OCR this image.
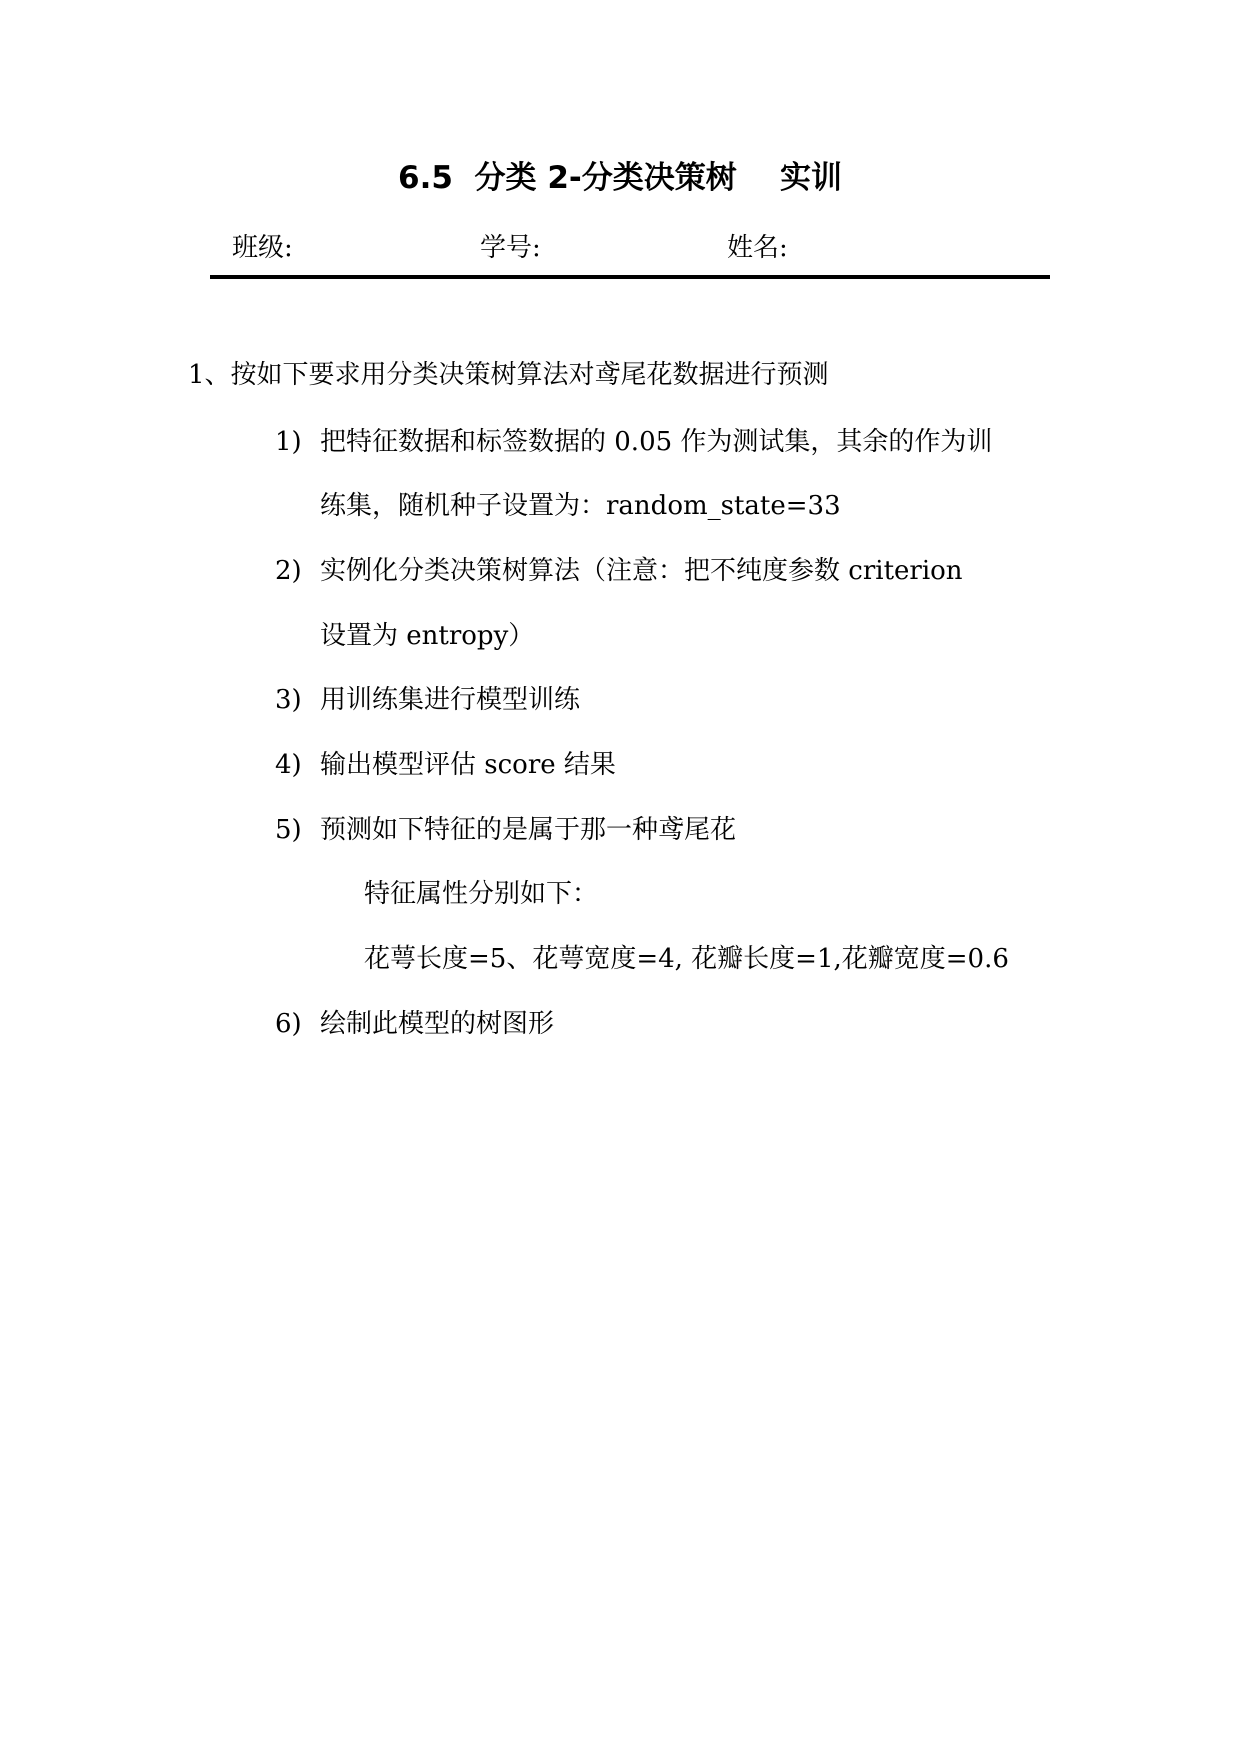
6.5  分类 2-分类决策树    实训
班级:	学号:	姓名:
1、按如下要求用分类决策树算法对鸢尾花数据进行预测
1) 把特征数据和标签数据的 0.05 作为测试集，其余的作为训
练集，随机种子设置为：random_state=33
2) 实例化分类决策树算法（注意：把不纯度参数 criterion
设置为 entropy）
3) 用训练集进行模型训练
4) 输出模型评估 score 结果
5) 预测如下特征的是属于那一种鸢尾花
特征属性分别如下：
花萼长度=5、花萼宽度=4, 花瓣长度=1,花瓣宽度=0.6
6) 绘制此模型的树图形
